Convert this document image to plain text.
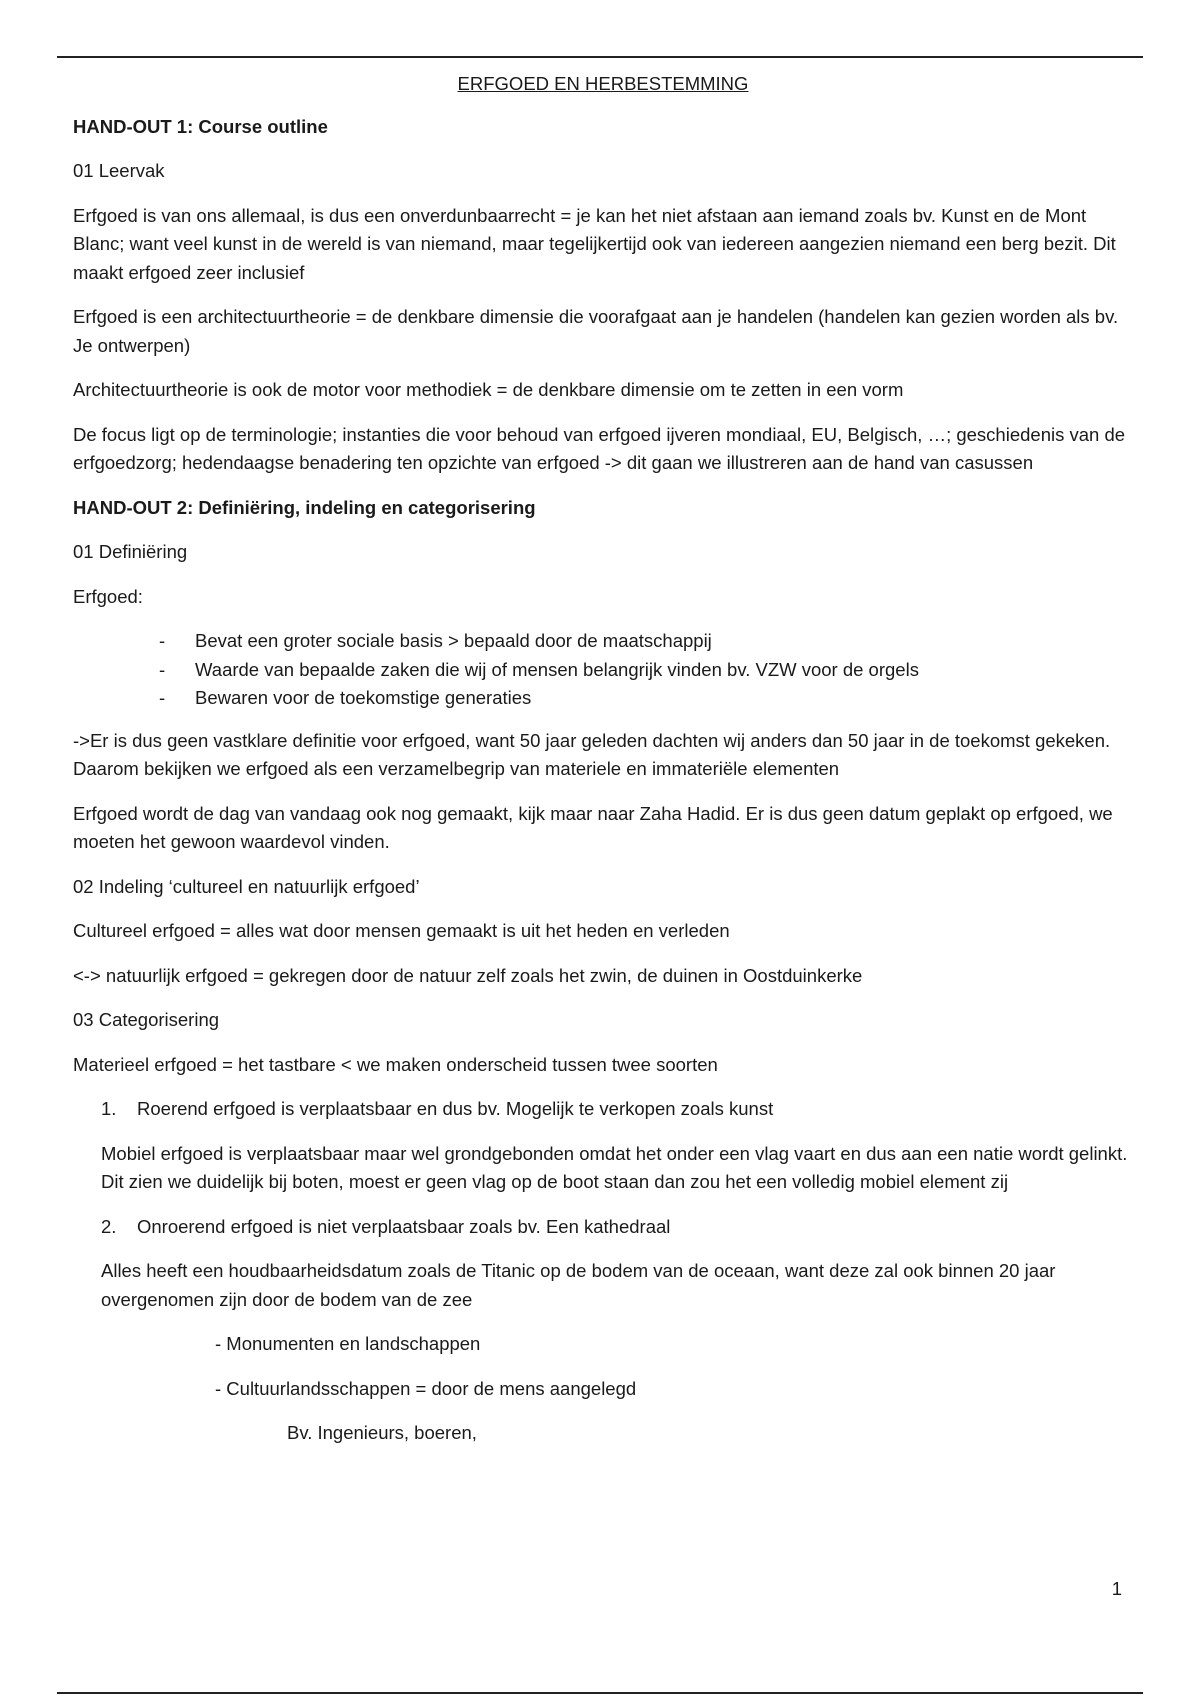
ERFGOED EN HERBESTEMMING

HAND-OUT 1: Course outline

01 Leervak

Erfgoed is van ons allemaal, is dus een onverdunbaarrecht = je kan het niet afstaan aan iemand zoals bv. Kunst en de Mont Blanc; want veel kunst in de wereld is van niemand, maar tegelijkertijd ook van iedereen aangezien niemand een berg bezit. Dit maakt erfgoed zeer inclusief

Erfgoed is een architectuurtheorie = de denkbare dimensie die voorafgaat aan je handelen (handelen kan gezien worden als bv. Je ontwerpen)

Architectuurtheorie is ook de motor voor methodiek = de denkbare dimensie om te zetten in een vorm

De focus ligt op de terminologie; instanties die voor behoud van erfgoed ijveren mondiaal, EU, Belgisch, …; geschiedenis van de erfgoedzorg; hedendaagse benadering ten opzichte van erfgoed -> dit gaan we illustreren aan de hand van casussen

HAND-OUT 2: Definiëring, indeling en categorisering

01 Definiëring

Erfgoed:

- Bevat een groter sociale basis > bepaald door de maatschappij
- Waarde van bepaalde zaken die wij of mensen belangrijk vinden bv. VZW voor de orgels
- Bewaren voor de toekomstige generaties

->Er is dus geen vastklare definitie voor erfgoed, want 50 jaar geleden dachten wij anders dan 50 jaar in de toekomst gekeken. Daarom bekijken we erfgoed als een verzamelbegrip van materiele en immateriële elementen

Erfgoed wordt de dag van vandaag ook nog gemaakt, kijk maar naar Zaha Hadid. Er is dus geen datum geplakt op erfgoed, we moeten het gewoon waardevol vinden.

02 Indeling ‘cultureel en natuurlijk erfgoed’

Cultureel erfgoed = alles wat door mensen gemaakt is uit het heden en verleden

<-> natuurlijk erfgoed = gekregen door de natuur zelf zoals het zwin, de duinen in Oostduinkerke

03 Categorisering

Materieel erfgoed = het tastbare < we maken onderscheid tussen twee soorten

1. Roerend erfgoed is verplaatsbaar en dus bv. Mogelijk te verkopen zoals kunst

Mobiel erfgoed is verplaatsbaar maar wel grondgebonden omdat het onder een vlag vaart en dus aan een natie wordt gelinkt. Dit zien we duidelijk bij boten, moest er geen vlag op de boot staan dan zou het een volledig mobiel element zij

2. Onroerend erfgoed is niet verplaatsbaar zoals bv. Een kathedraal

Alles heeft een houdbaarheidsdatum zoals de Titanic op de bodem van de oceaan, want deze zal ook binnen 20 jaar overgenomen zijn door de bodem van de zee

- Monumenten en landschappen

- Cultuurlandsschappen = door de mens aangelegd

Bv. Ingenieurs, boeren,

1
